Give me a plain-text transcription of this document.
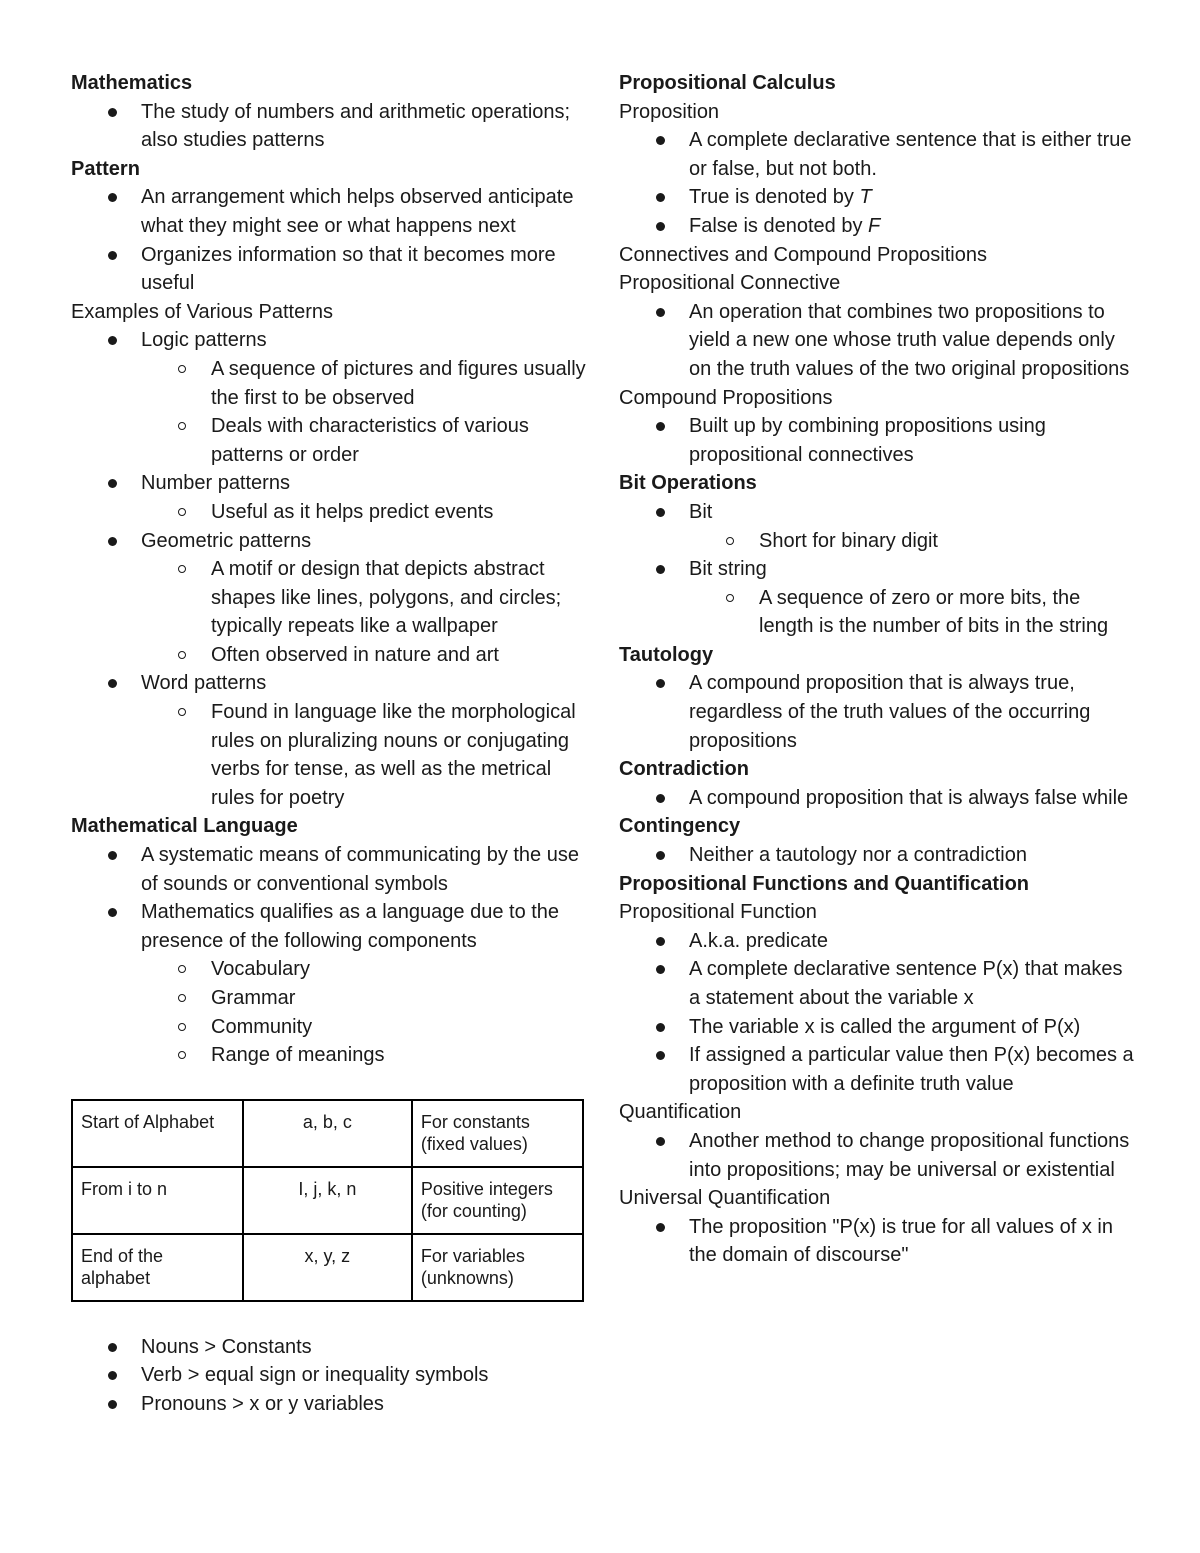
Mathematics
The study of numbers and arithmetic operations; also studies patterns
Pattern
An arrangement which helps observed anticipate what they might see or what happens next
Organizes information so that it becomes more useful
Examples of Various Patterns
Logic patterns
A sequence of pictures and figures usually the first to be observed
Deals with characteristics of various patterns or order
Number patterns
Useful as it helps predict events
Geometric patterns
A motif or design that depicts abstract shapes like lines, polygons, and circles; typically repeats like a wallpaper
Often observed in nature and art
Word patterns
Found in language like the morphological rules on pluralizing nouns or conjugating verbs for tense, as well as the metrical rules for poetry
Mathematical Language
A systematic means of communicating by the use of sounds or conventional symbols
Mathematics qualifies as a language due to the presence of the following components
Vocabulary
Grammar
Community
Range of meanings
Start of Alphabet	a, b, c	For constants (fixed values)
From i to n	I, j, k, n	Positive integers (for counting)
End of the alphabet	x, y, z	For variables (unknowns)
Nouns > Constants
Verb > equal sign or inequality symbols
Pronouns > x or y variables
Propositional Calculus
Proposition
A complete declarative sentence that is either true or false, but not both.
True is denoted by T
False is denoted by F
Connectives and Compound Propositions
Propositional Connective
An operation that combines two propositions to yield a new one whose truth value depends only on the truth values of the two original propositions
Compound Propositions
Built up by combining propositions using propositional connectives
Bit Operations
Bit
Short for binary digit
Bit string
A sequence of zero or more bits, the length is the number of bits in the string
Tautology
A compound proposition that is always true, regardless of the truth values of the occurring propositions
Contradiction
A compound proposition that is always false while
Contingency
Neither a tautology nor a contradiction
Propositional Functions and Quantification
Propositional Function
A.k.a. predicate
A complete declarative sentence P(x) that makes a statement about the variable x
The variable x is called the argument of P(x)
If assigned a particular value then P(x) becomes a proposition with a definite truth value
Quantification
Another method to change propositional functions into propositions; may be universal or existential
Universal Quantification
The proposition "P(x) is true for all values of x in the domain of discourse"
